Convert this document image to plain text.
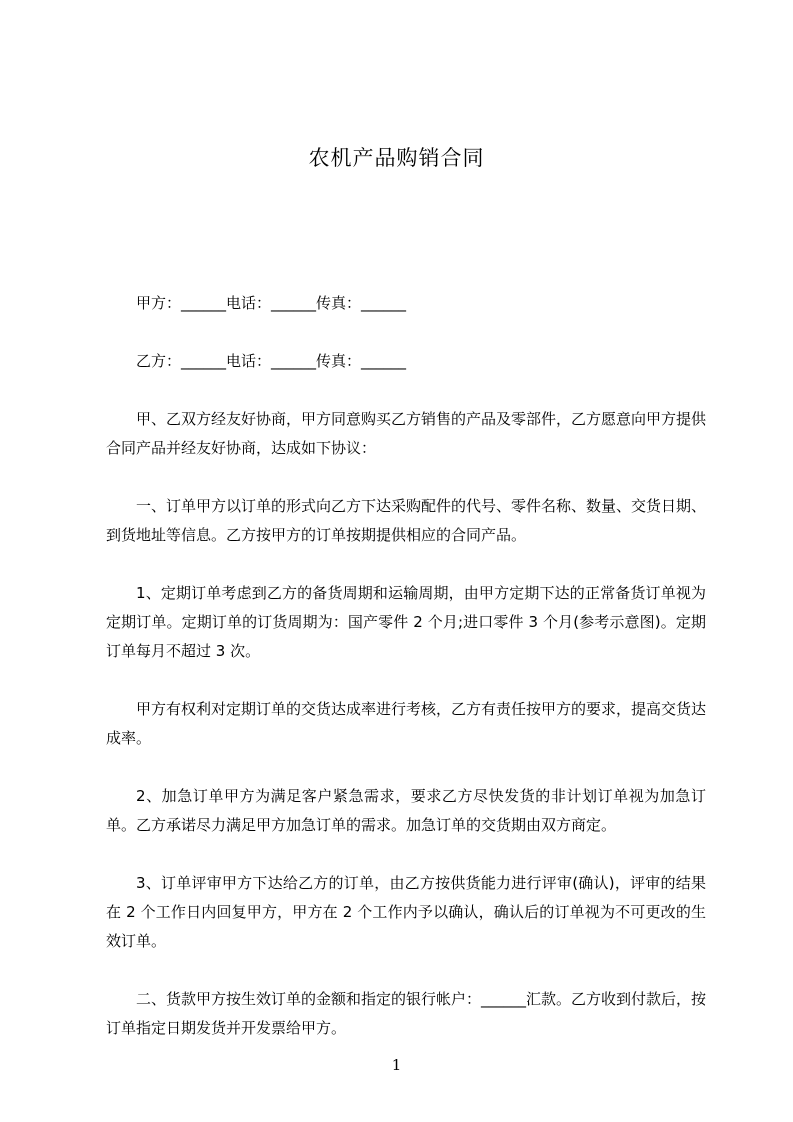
农机产品购销合同

甲方：______电话：______传真：______

乙方：______电话：______传真：______

甲、乙双方经友好协商，甲方同意购买乙方销售的产品及零部件，乙方愿意向甲方提供合同产品并经友好协商，达成如下协议：

一、订单甲方以订单的形式向乙方下达采购配件的代号、零件名称、数量、交货日期、到货地址等信息。乙方按甲方的订单按期提供相应的合同产品。

1、定期订单考虑到乙方的备货周期和运输周期，由甲方定期下达的正常备货订单视为定期订单。定期订单的订货周期为：国产零件 2 个月;进口零件 3 个月(参考示意图)。定期订单每月不超过 3 次。

甲方有权利对定期订单的交货达成率进行考核，乙方有责任按甲方的要求，提高交货达成率。

2、加急订单甲方为满足客户紧急需求，要求乙方尽快发货的非计划订单视为加急订单。乙方承诺尽力满足甲方加急订单的需求。加急订单的交货期由双方商定。

3、订单评审甲方下达给乙方的订单，由乙方按供货能力进行评审(确认)，评审的结果在 2 个工作日内回复甲方，甲方在 2 个工作内予以确认，确认后的订单视为不可更改的生效订单。

二、货款甲方按生效订单的金额和指定的银行帐户：______汇款。乙方收到付款后，按订单指定日期发货并开发票给甲方。

1
